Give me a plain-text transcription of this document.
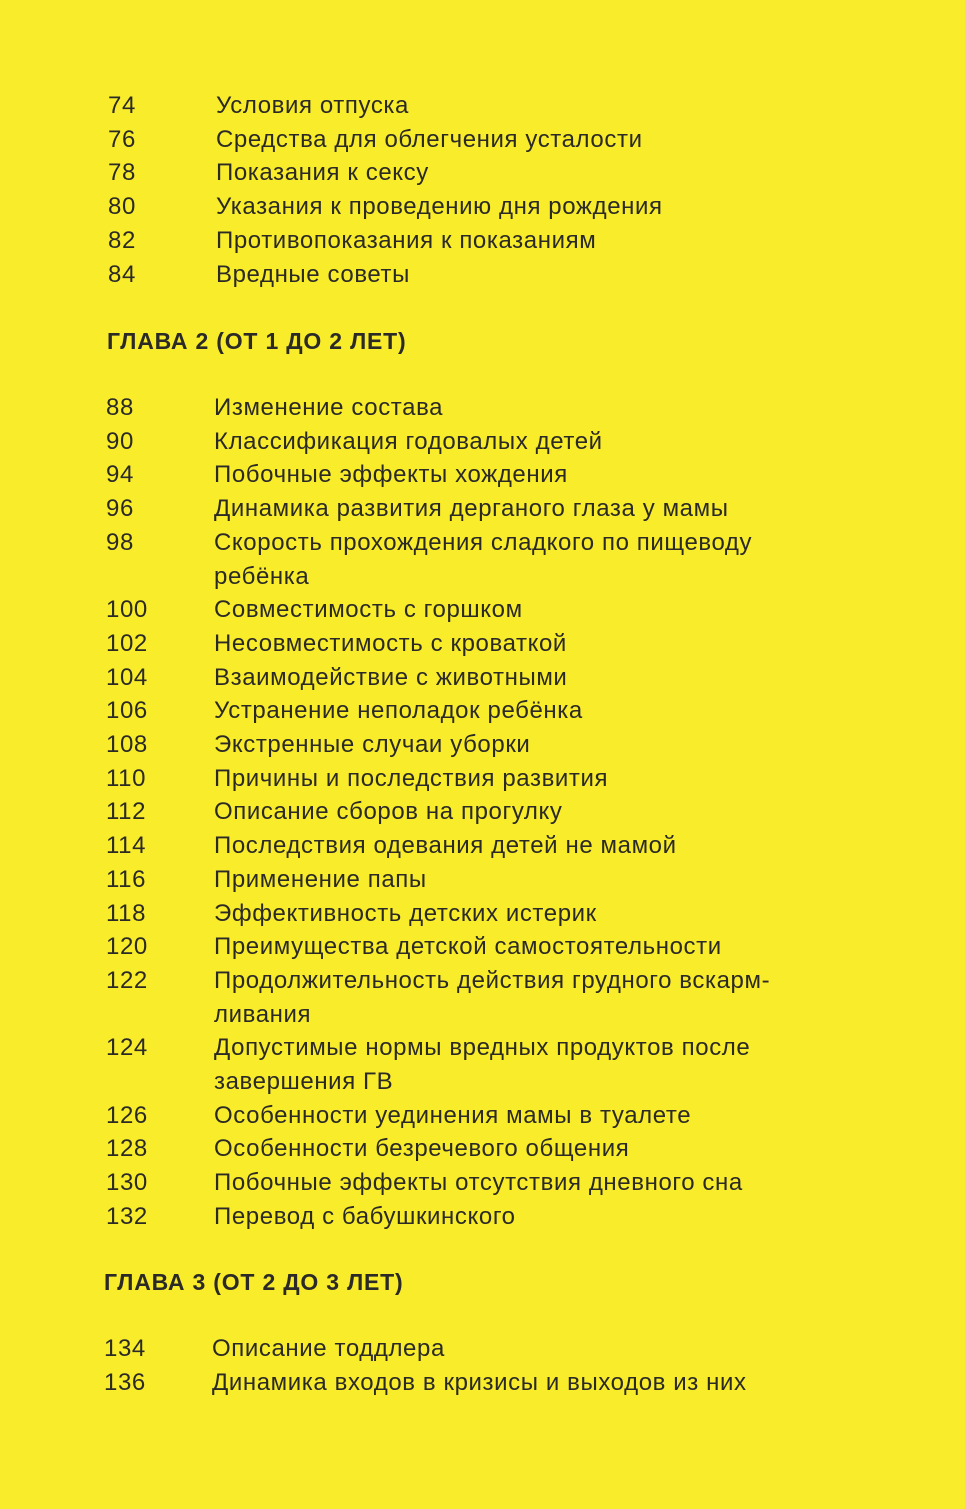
74	Условия отпуска
76	Средства для облегчения усталости
78	Показания к сексу
80	Указания к проведению дня рождения
82	Противопоказания к показаниям
84	Вредные советы
ГЛАВА 2 (ОТ 1 ДО 2 ЛЕТ)
88	Изменение состава
90	Классификация годовалых детей
94	Побочные эффекты хождения
96	Динамика развития дерганого глаза у мамы
98	Скорость прохождения сладкого по пищеводу ребёнка
100	Совместимость с горшком
102	Несовместимость с кроваткой
104	Взаимодействие с животными
106	Устранение неполадок ребёнка
108	Экстренные случаи уборки
110	Причины и последствия развития
112	Описание сборов на прогулку
114	Последствия одевания детей не мамой
116	Применение папы
118	Эффективность детских истерик
120	Преимущества детской самостоятельности
122	Продолжительность действия грудного вскарм-ливания
124	Допустимые нормы вредных продуктов после завершения ГВ
126	Особенности уединения мамы в туалете
128	Особенности безречевого общения
130	Побочные эффекты отсутствия дневного сна
132	Перевод с бабушкинского
ГЛАВА 3 (ОТ 2 ДО 3 ЛЕТ)
134	Описание тоддлера
136	Динамика входов в кризисы и выходов из них
